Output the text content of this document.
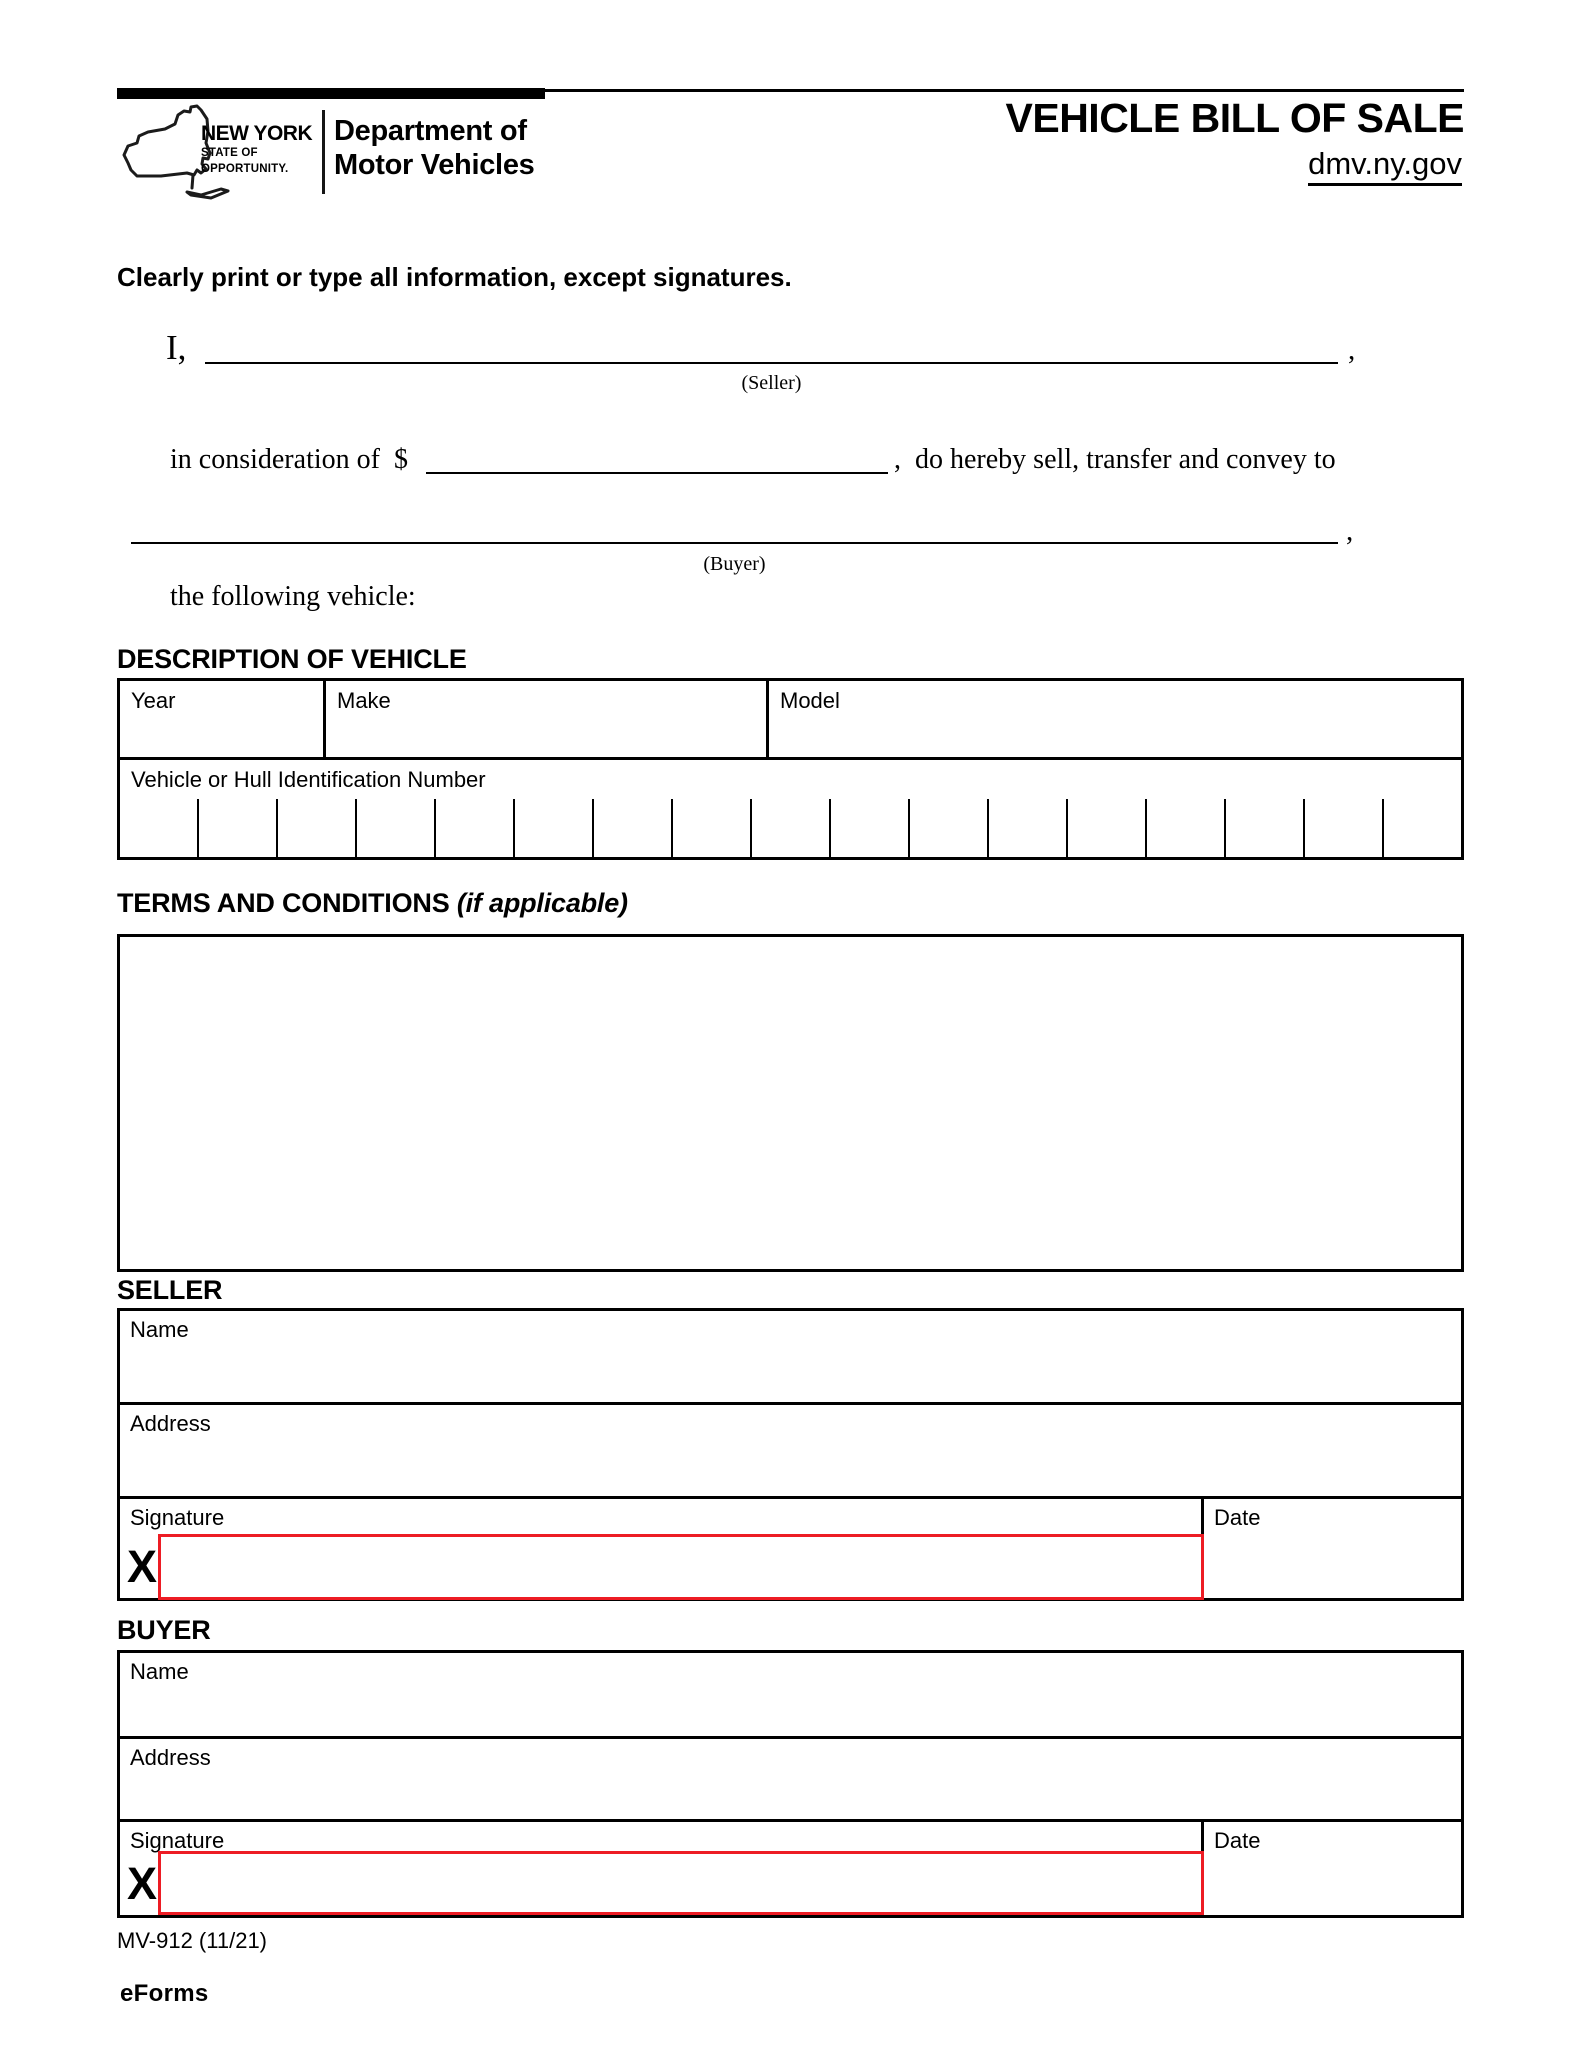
NEW YORK
STATE OF
OPPORTUNITY.
Department of
Motor Vehicles
VEHICLE BILL OF SALE
dmv.ny.gov
Clearly print or type all information, except signatures.
I,	,
(Seller)
in consideration of  $	,  do hereby sell, transfer and convey to
,
(Buyer)
the following vehicle:
DESCRIPTION OF VEHICLE
Year	Make	Model
Vehicle or Hull Identification Number
TERMS AND CONDITIONS (if applicable)
SELLER
Name
Address
Signature
X
Date
BUYER
Name
Address
Signature
X
Date
MV-912 (11/21)
eForms
